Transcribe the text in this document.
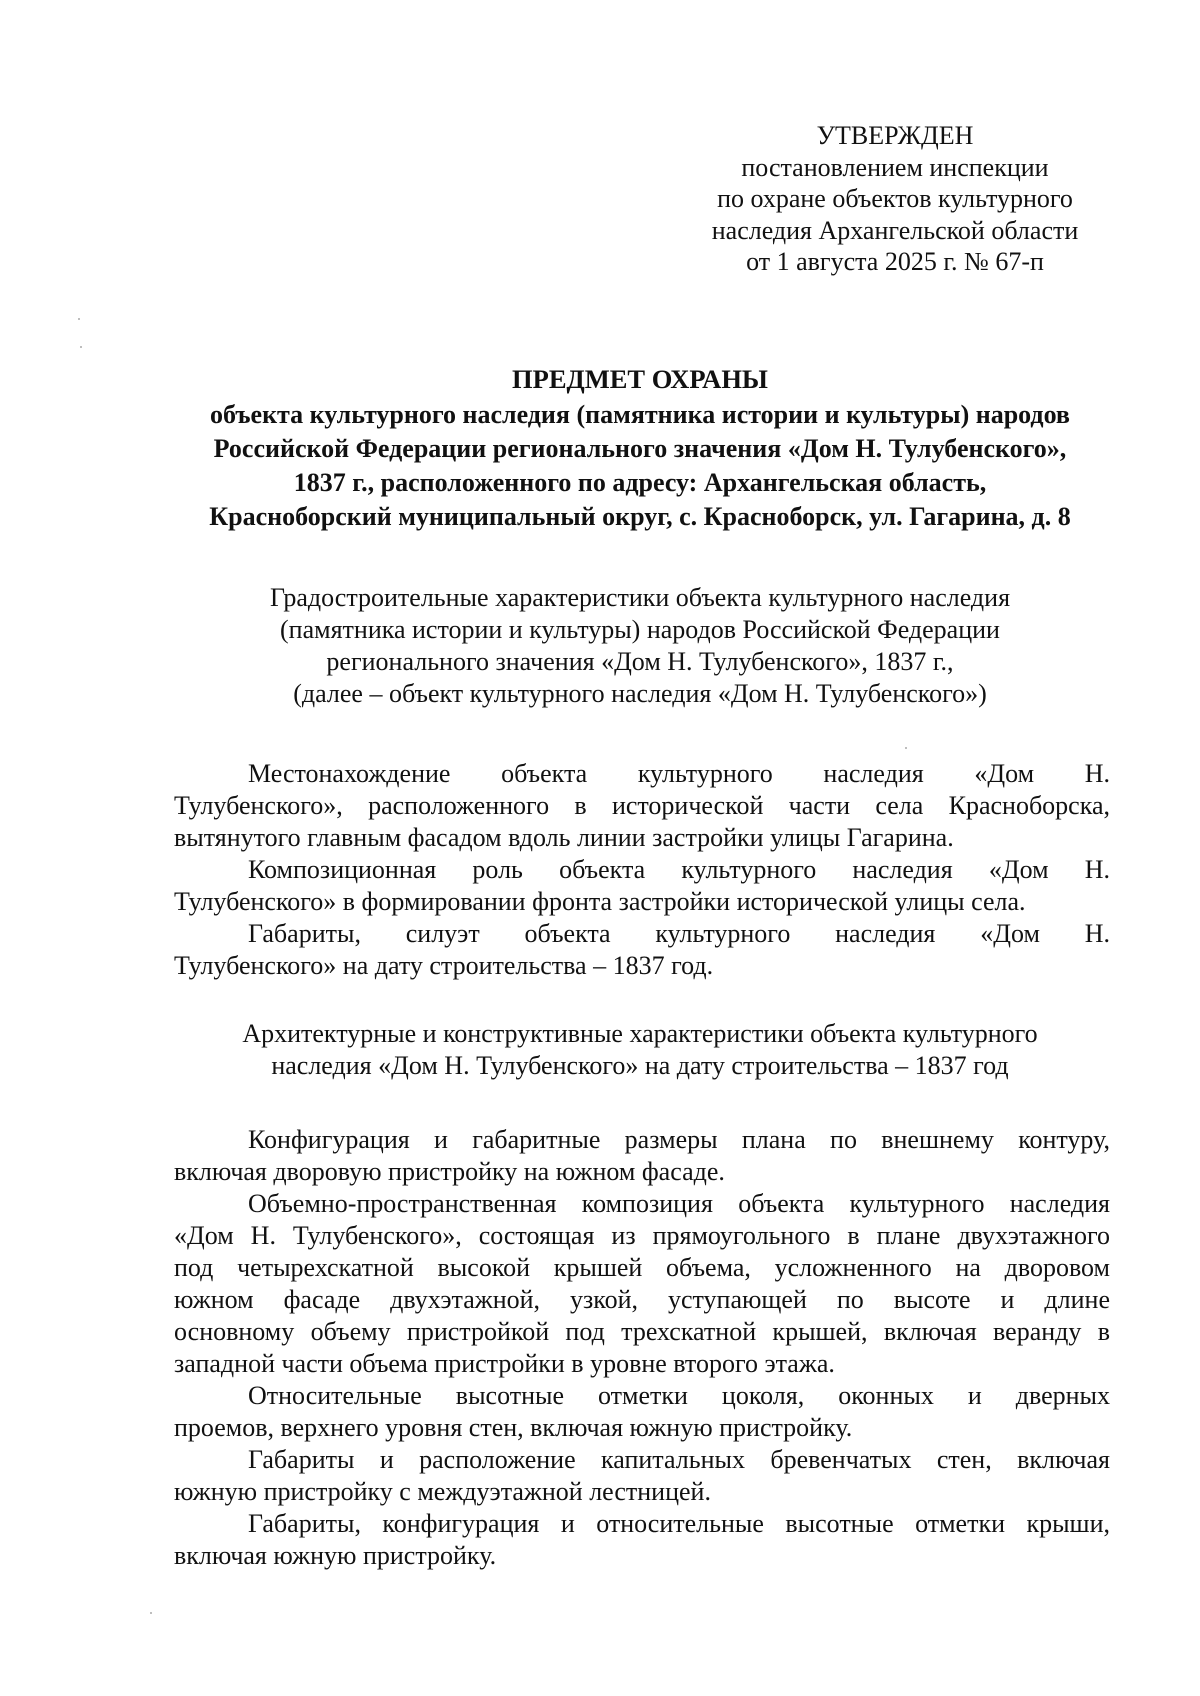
УТВЕРЖДЕН
постановлением инспекции
по охране объектов культурного
наследия Архангельской области
от 1 августа 2025 г. № 67-п
ПРЕДМЕТ ОХРАНЫ
объекта культурного наследия (памятника истории и культуры) народов
Российской Федерации регионального значения «Дом Н. Тулубенского»,
1837 г., расположенного по адресу: Архангельская область,
Красноборский муниципальный округ, с. Красноборск, ул. Гагарина, д. 8
Градостроительные характеристики объекта культурного наследия
(памятника истории и культуры) народов Российской Федерации
регионального значения «Дом Н. Тулубенского», 1837 г.,
(далее – объект культурного наследия «Дом Н. Тулубенского»)
Местонахождение объекта культурного наследия «Дом Н.
Тулубенского», расположенного в исторической части села Красноборска,
вытянутого главным фасадом вдоль линии застройки улицы Гагарина.
Композиционная роль объекта культурного наследия «Дом Н.
Тулубенского» в формировании фронта застройки исторической улицы села.
Габариты, силуэт объекта культурного наследия «Дом Н.
Тулубенского» на дату строительства – 1837 год.
Архитектурные и конструктивные характеристики объекта культурного
наследия «Дом Н. Тулубенского» на дату строительства – 1837 год
Конфигурация и габаритные размеры плана по внешнему контуру,
включая дворовую пристройку на южном фасаде.
Объемно-пространственная композиция объекта культурного наследия
«Дом Н. Тулубенского», состоящая из прямоугольного в плане двухэтажного
под четырехскатной высокой крышей объема, усложненного на дворовом
южном фасаде двухэтажной, узкой, уступающей по высоте и длине
основному объему пристройкой под трехскатной крышей, включая веранду в
западной части объема пристройки в уровне второго этажа.
Относительные высотные отметки цоколя, оконных и дверных
проемов, верхнего уровня стен, включая южную пристройку.
Габариты и расположение капитальных бревенчатых стен, включая
южную пристройку с междуэтажной лестницей.
Габариты, конфигурация и относительные высотные отметки крыши,
включая южную пристройку.
